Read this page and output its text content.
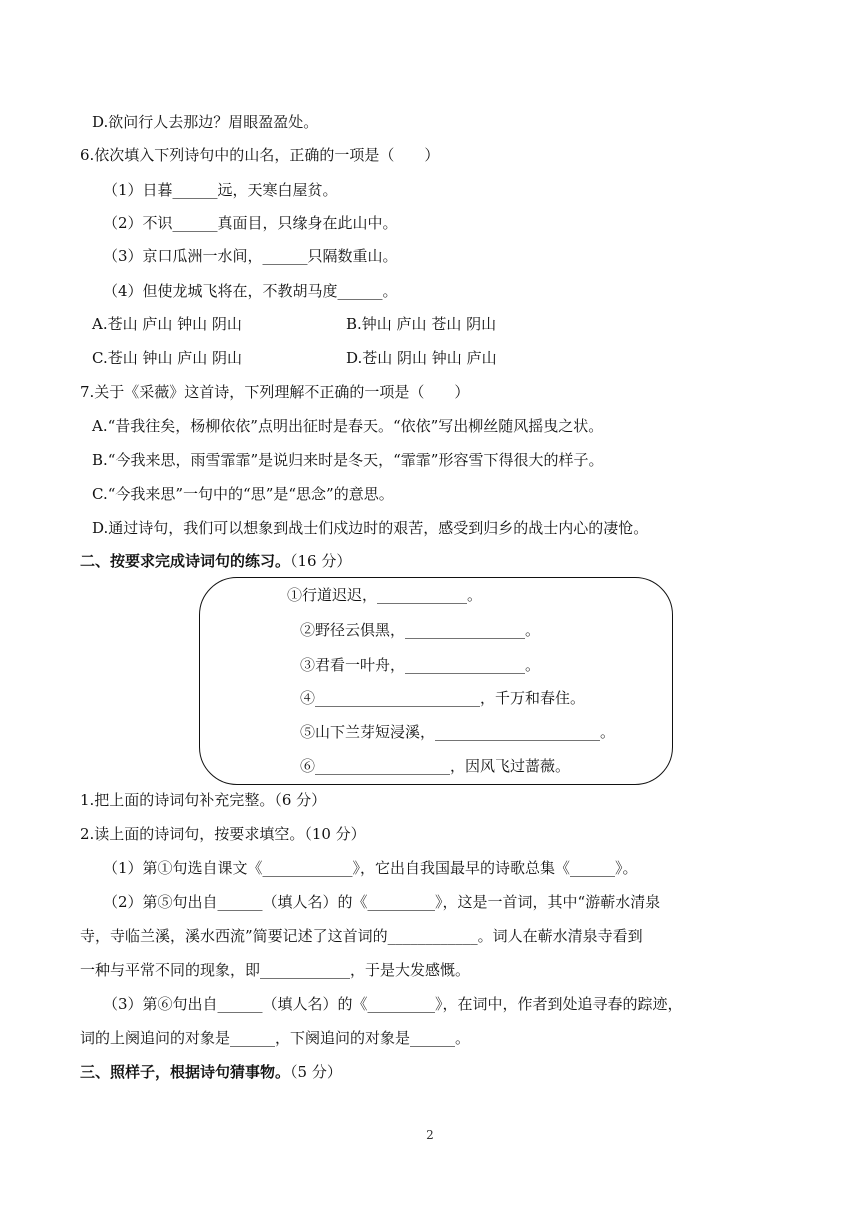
D.欲问行人去那边？眉眼盈盈处。
6.依次填入下列诗句中的山名，正确的一项是（　　）
（1）日暮______远，天寒白屋贫。
（2）不识______真面目，只缘身在此山中。
（3）京口瓜洲一水间，______只隔数重山。
（4）但使龙城飞将在，不教胡马度______。
A.苍山 庐山 钟山 阴山	B.钟山 庐山 苍山 阴山
C.苍山 钟山 庐山 阴山	D.苍山 阴山 钟山 庐山
7.关于《采薇》这首诗，下列理解不正确的一项是（　　）
A.“昔我往矣，杨柳依依”点明出征时是春天。“依依”写出柳丝随风摇曳之状。
B.“今我来思，雨雪霏霏”是说归来时是冬天，“霏霏”形容雪下得很大的样子。
C.“今我来思”一句中的“思”是“思念”的意思。
D.通过诗句，我们可以想象到战士们戍边时的艰苦，感受到归乡的战士内心的凄怆。
二、按要求完成诗词句的练习。（16 分）
①行道迟迟，____________。
②野径云俱黑，________________。
③君看一叶舟，________________。
④______________________，千万和春住。
⑤山下兰芽短浸溪，______________________。
⑥__________________，因风飞过蔷薇。
1.把上面的诗词句补充完整。（6 分）
2.读上面的诗词句，按要求填空。（10 分）
（1）第①句选自课文《____________》，它出自我国最早的诗歌总集《______》。
（2）第⑤句出自______（填人名）的《_________》，这是一首词，其中“游蕲水清泉
寺，寺临兰溪，溪水西流”简要记述了这首词的____________。词人在蕲水清泉寺看到
一种与平常不同的现象，即____________，于是大发感慨。
（3）第⑥句出自______（填人名）的《_________》，在词中，作者到处追寻春的踪迹，
词的上阕追问的对象是______，下阕追问的对象是______。
三、照样子，根据诗句猜事物。（5 分）
2
